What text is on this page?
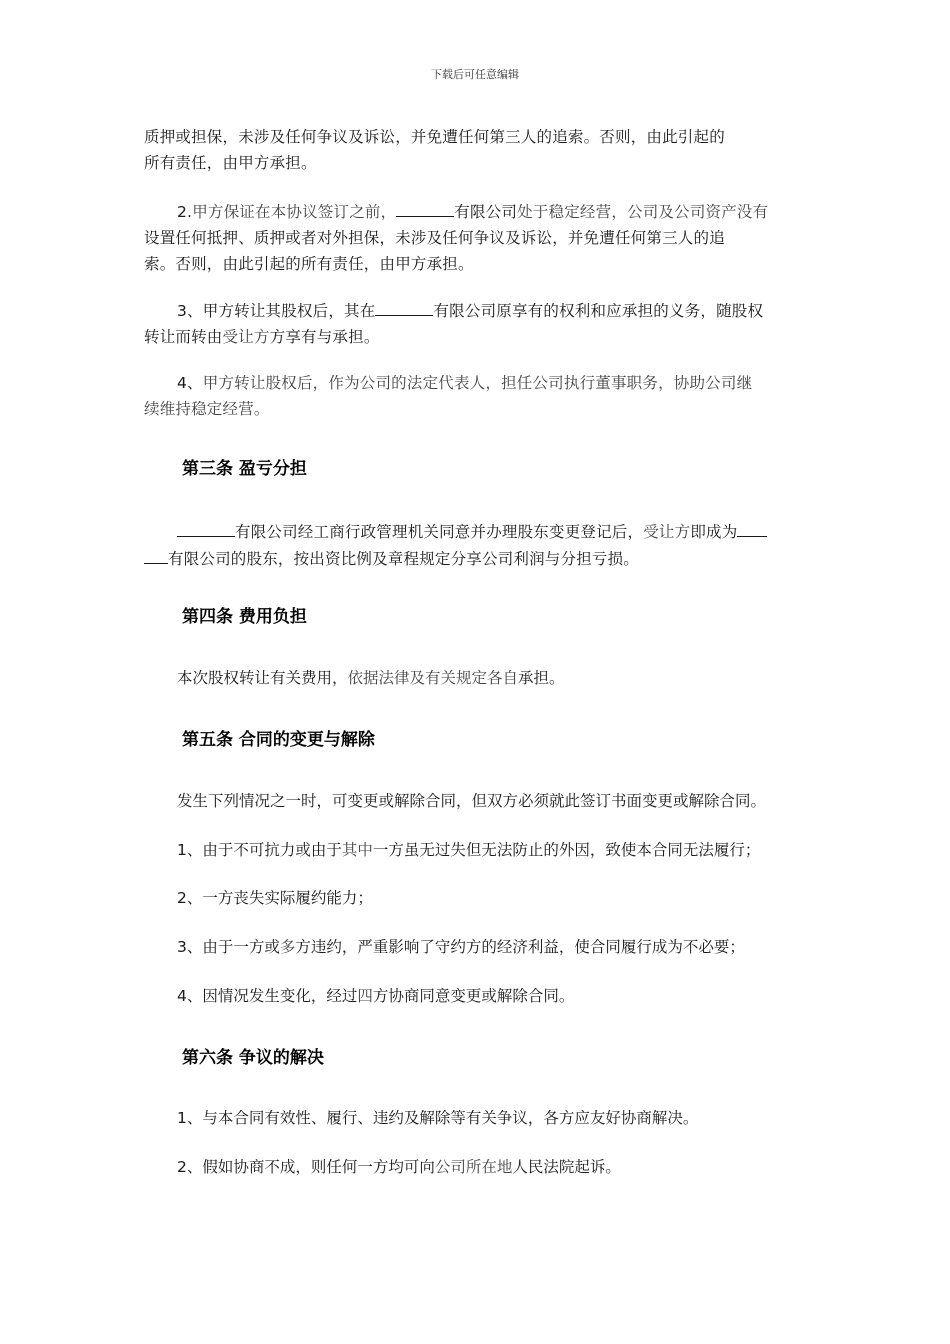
下载后可任意编辑
质押或担保，未涉及任何争议及诉讼，并免遭任何第三人的追索。否则，由此引起的
所有责任，由甲方承担。
2.甲方保证在本协议签订之前，	有限公司处于稳定经营，公司及公司资产没有
设置任何抵押、质押或者对外担保，未涉及任何争议及诉讼，并免遭任何第三人的追
索。否则，由此引起的所有责任，由甲方承担。
3、甲方转让其股权后，其在	有限公司原享有的权利和应承担的义务，随股权
转让而转由受让方方享有与承担。
4、甲方转让股权后，作为公司的法定代表人，担任公司执行董事职务，协助公司继
续维持稳定经营。
第三条 盈亏分担
有限公司经工商行政管理机关同意并办理股东变更登记后，受让方即成为
有限公司的股东，按出资比例及章程规定分享公司利润与分担亏损。
第四条 费用负担
本次股权转让有关费用，依据法律及有关规定各自承担。
第五条 合同的变更与解除
发生下列情况之一时，可变更或解除合同，但双方必须就此签订书面变更或解除合同。
1、由于不可抗力或由于其中一方虽无过失但无法防止的外因，致使本合同无法履行；
2、一方丧失实际履约能力；
3、由于一方或多方违约，严重影响了守约方的经济利益，使合同履行成为不必要；
4、因情况发生变化，经过四方协商同意变更或解除合同。
第六条 争议的解决
1、与本合同有效性、履行、违约及解除等有关争议，各方应友好协商解决。
2、假如协商不成，则任何一方均可向公司所在地人民法院起诉。
